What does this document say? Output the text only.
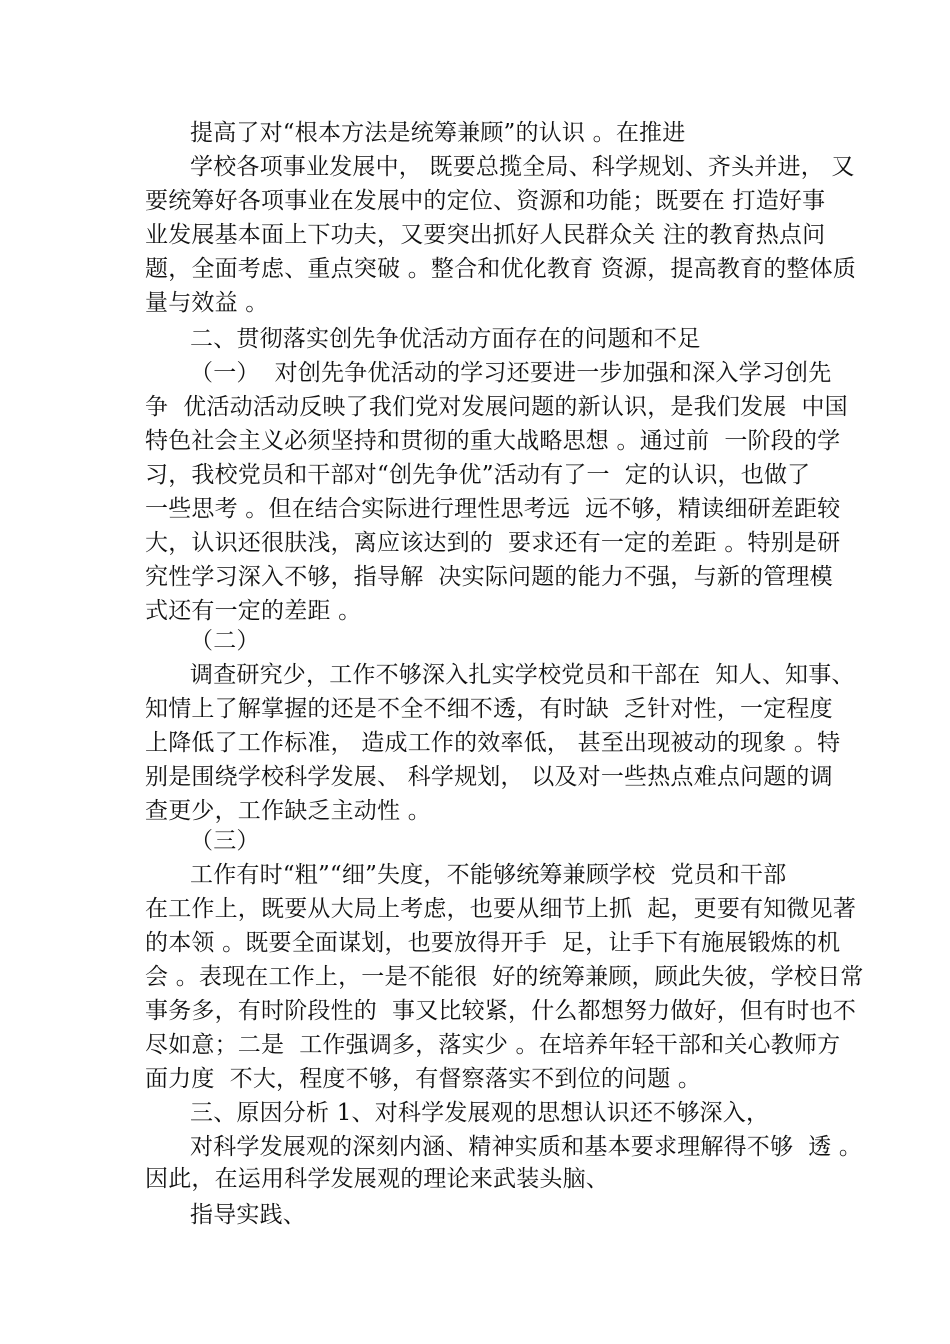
提高了对“根本方法是统筹兼顾”的认识 。在推进
学校各项事业发展中， 既要总揽全局、科学规划、齐头并进， 又
要统筹好各项事业在发展中的定位、资源和功能；既要在 打造好事
业发展基本面上下功夫，又要突出抓好人民群众关 注的教育热点问
题，全面考虑、重点突破 。整合和优化教育 资源，提高教育的整体质
量与效益 。
二、贯彻落实创先争优活动方面存在的问题和不足
（一）  对创先争优活动的学习还要进一步加强和深入学习创先
争  优活动活动反映了我们党对发展问题的新认识，是我们发展  中国
特色社会主义必须坚持和贯彻的重大战略思想 。通过前  一阶段的学
习，我校党员和干部对“创先争优”活动有了一  定的认识，也做了
一些思考 。但在结合实际进行理性思考远  远不够，精读细研差距较
大，认识还很肤浅，离应该达到的  要求还有一定的差距 。特别是研
究性学习深入不够，指导解  决实际问题的能力不强，与新的管理模
式还有一定的差距 。
（二）
调查研究少，工作不够深入扎实学校党员和干部在  知人、知事、
知情上了解掌握的还是不全不细不透，有时缺  乏针对性，一定程度
上降低了工作标准， 造成工作的效率低， 甚至出现被动的现象 。特
别是围绕学校科学发展、 科学规划， 以及对一些热点难点问题的调
查更少，工作缺乏主动性 。
（三）
工作有时“粗”“细”失度，不能够统筹兼顾学校  党员和干部
在工作上，既要从大局上考虑，也要从细节上抓  起，更要有知微见著
的本领 。既要全面谋划，也要放得开手  足，让手下有施展锻炼的机
会 。表现在工作上，一是不能很  好的统筹兼顾，顾此失彼，学校日常
事务多，有时阶段性的  事又比较紧，什么都想努力做好，但有时也不
尽如意；二是  工作强调多，落实少 。在培养年轻干部和关心教师方
面力度  不大，程度不够，有督察落实不到位的问题 。
三、原因分析 1、对科学发展观的思想认识还不够深入，
对科学发展观的深刻内涵、精神实质和基本要求理解得不够  透 。
因此，在运用科学发展观的理论来武装头脑、
指导实践、
